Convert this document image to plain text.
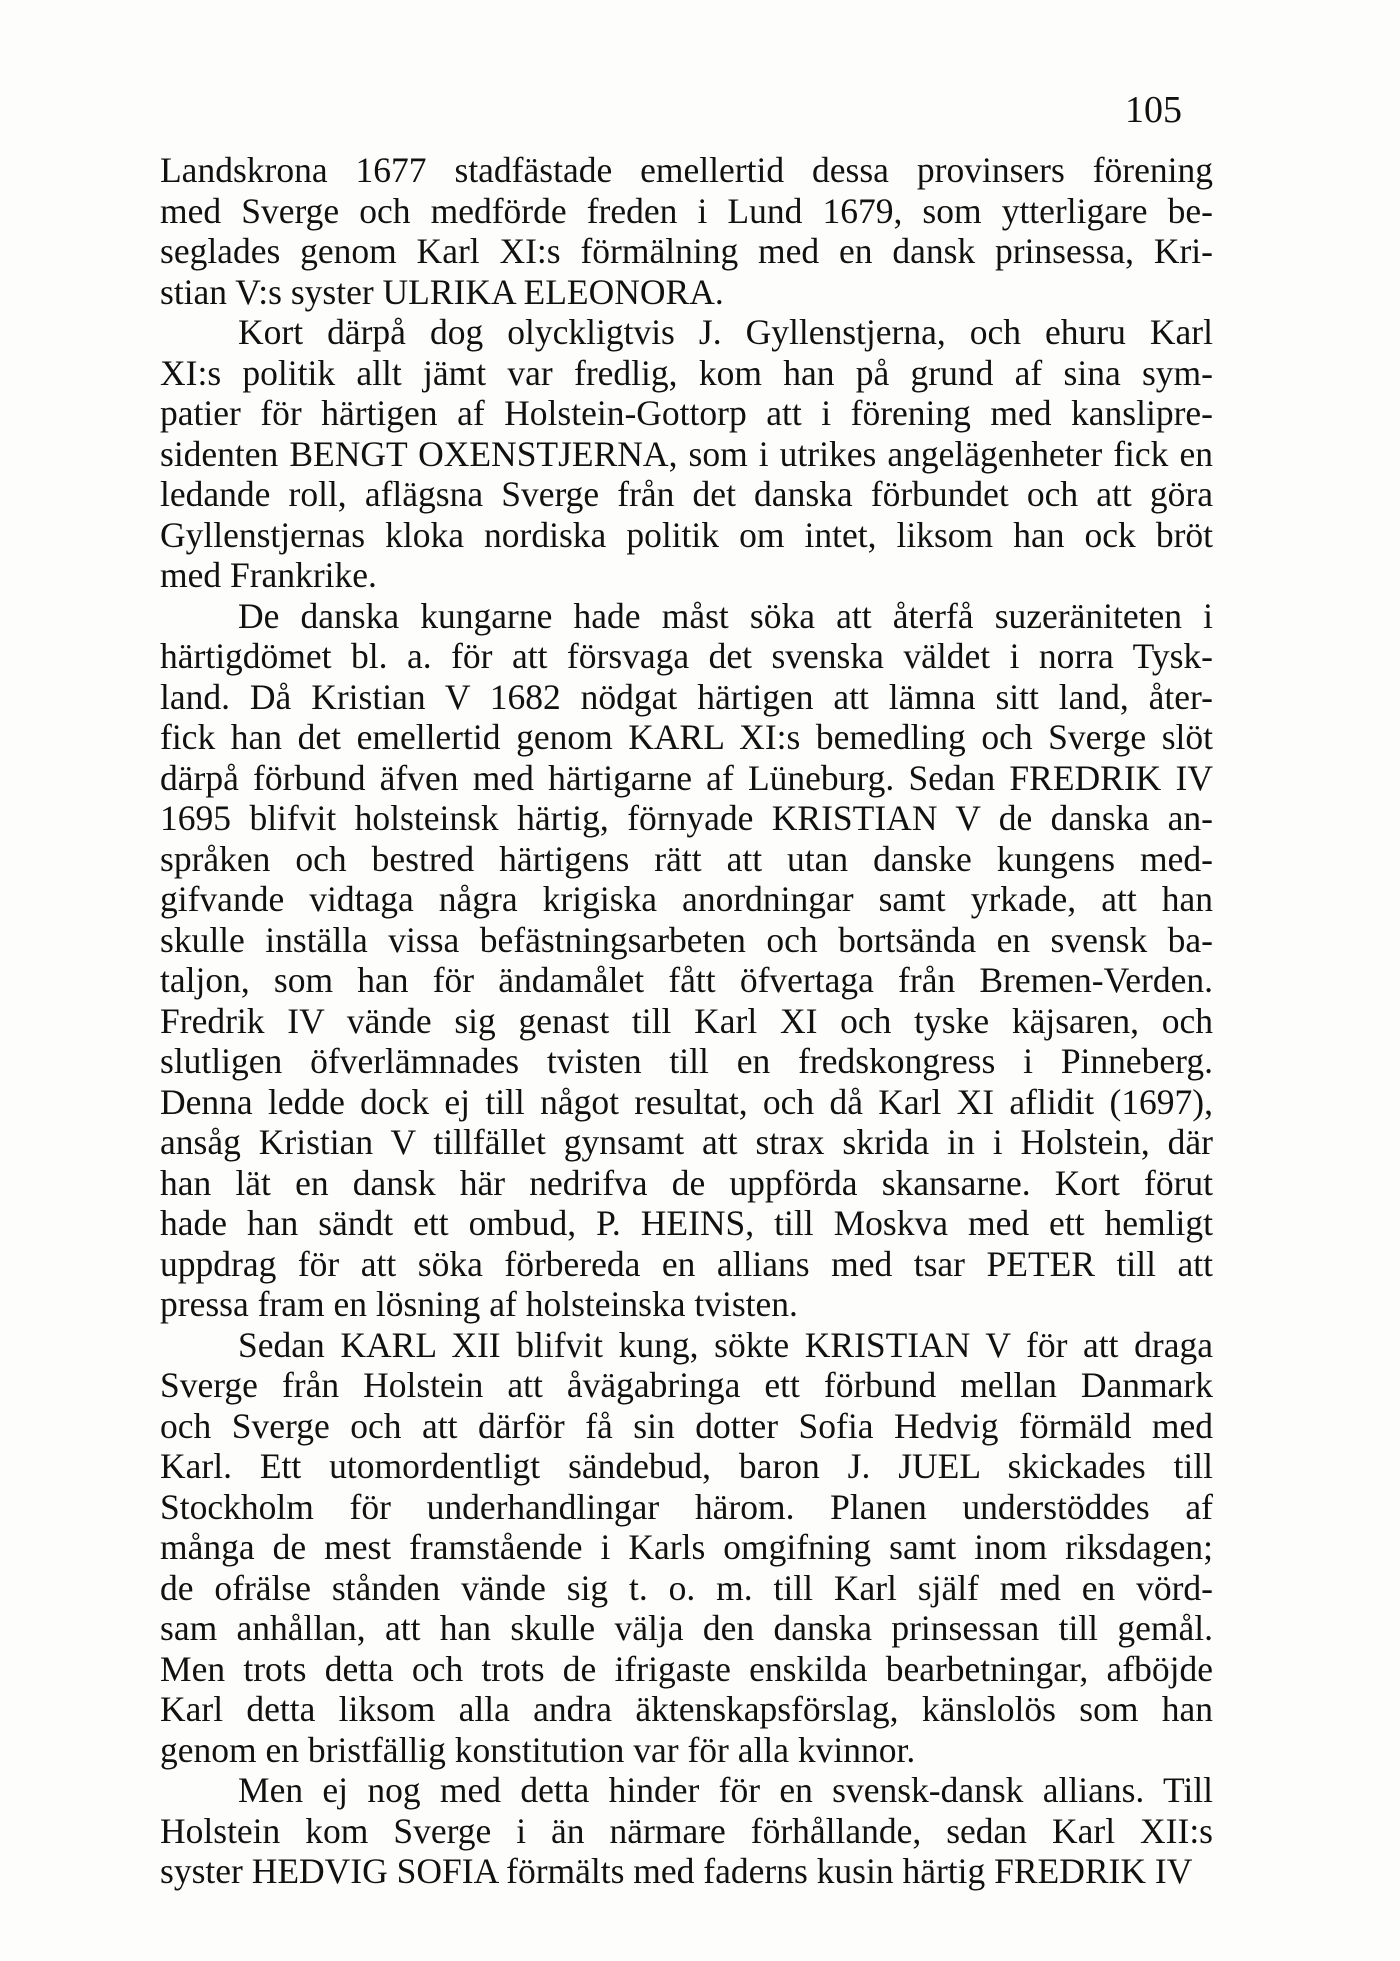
105
Landskrona 1677 stadfästade emellertid dessa provinsers förening
med Sverge och medförde freden i Lund 1679, som ytterligare be-
seglades genom Karl XI:s förmälning med en dansk prinsessa, Kri-
stian V:s syster ULRIKA ELEONORA.
Kort därpå dog olyckligtvis J. Gyllenstjerna, och ehuru Karl
XI:s politik allt jämt var fredlig, kom han på grund af sina sym-
patier för härtigen af Holstein-Gottorp att i förening med kanslipre-
sidenten BENGT OXENSTJERNA, som i utrikes angelägenheter fick en
ledande roll, aflägsna Sverge från det danska förbundet och att göra
Gyllenstjernas kloka nordiska politik om intet, liksom han ock bröt
med Frankrike.
De danska kungarne hade måst söka att återfå suzeräniteten i
härtigdömet bl. a. för att försvaga det svenska väldet i norra Tysk-
land. Då Kristian V 1682 nödgat härtigen att lämna sitt land, åter-
fick han det emellertid genom KARL XI:s bemedling och Sverge slöt
därpå förbund äfven med härtigarne af Lüneburg. Sedan FREDRIK IV
1695 blifvit holsteinsk härtig, förnyade KRISTIAN V de danska an-
språken och bestred härtigens rätt att utan danske kungens med-
gifvande vidtaga några krigiska anordningar samt yrkade, att han
skulle inställa vissa befästningsarbeten och bortsända en svensk ba-
taljon, som han för ändamålet fått öfvertaga från Bremen-Verden.
Fredrik IV vände sig genast till Karl XI och tyske käjsaren, och
slutligen öfverlämnades tvisten till en fredskongress i Pinneberg.
Denna ledde dock ej till något resultat, och då Karl XI aflidit (1697),
ansåg Kristian V tillfället gynsamt att strax skrida in i Holstein, där
han lät en dansk här nedrifva de uppförda skansarne. Kort förut
hade han sändt ett ombud, P. HEINS, till Moskva med ett hemligt
uppdrag för att söka förbereda en allians med tsar PETER till att
pressa fram en lösning af holsteinska tvisten.
Sedan KARL XII blifvit kung, sökte KRISTIAN V för att draga
Sverge från Holstein att åvägabringa ett förbund mellan Danmark
och Sverge och att därför få sin dotter Sofia Hedvig förmäld med
Karl. Ett utomordentligt sändebud, baron J. JUEL skickades till
Stockholm för underhandlingar härom. Planen understöddes af
många de mest framstående i Karls omgifning samt inom riksdagen;
de ofrälse stånden vände sig t. o. m. till Karl själf med en vörd-
sam anhållan, att han skulle välja den danska prinsessan till gemål.
Men trots detta och trots de ifrigaste enskilda bearbetningar, afböjde
Karl detta liksom alla andra äktenskapsförslag, känslolös som han
genom en bristfällig konstitution var för alla kvinnor.
Men ej nog med detta hinder för en svensk-dansk allians. Till
Holstein kom Sverge i än närmare förhållande, sedan Karl XII:s
syster HEDVIG SOFIA förmälts med faderns kusin härtig FREDRIK IV
